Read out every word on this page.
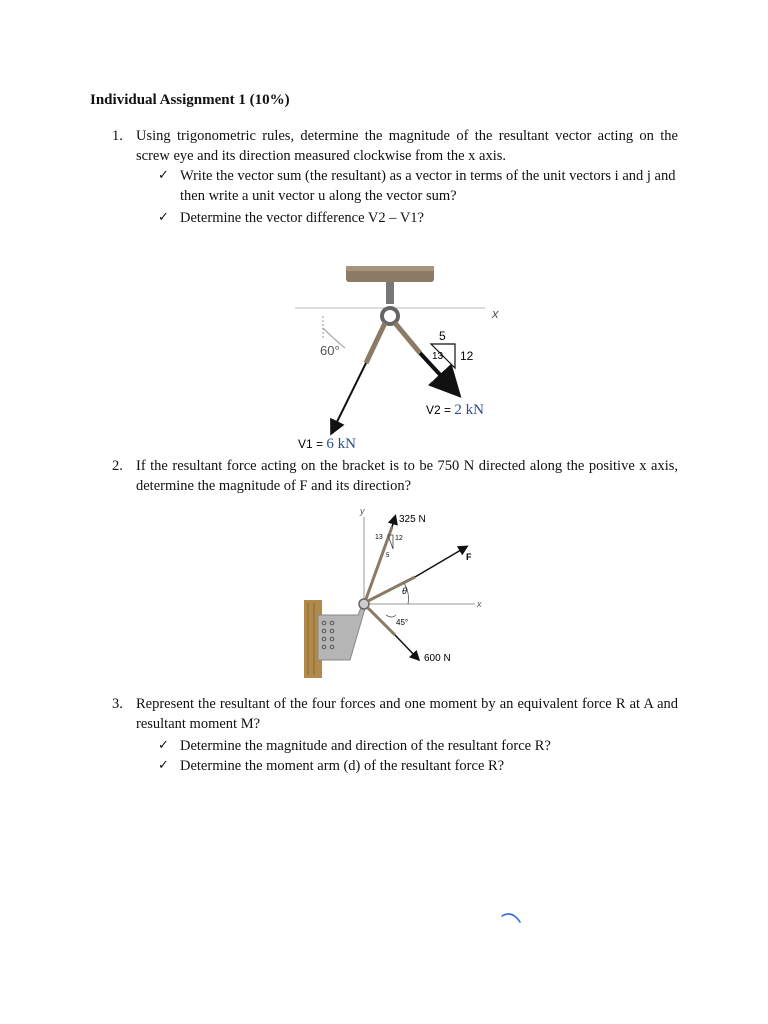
Individual Assignment 1 (10%)
1. Using trigonometric rules, determine the magnitude of the resultant vector acting on the screw eye and its direction measured clockwise from the x axis.
✓ Write the vector sum (the resultant) as a vector in terms of the unit vectors i and j and then write a unit vector u along the vector sum?
✓ Determine the vector difference V2 – V1?
x
60°
5
13 12
V2 = 2 kN
V1 = 6 kN
2. If the resultant force acting on the bracket is to be 750 N directed along the positive x axis, determine the magnitude of F and its direction?
y
x
325 N
13 12
5	F
θ
45°
600 N
3. Represent the resultant of the four forces and one moment by an equivalent force R at A and resultant moment M?
✓ Determine the magnitude and direction of the resultant force R?
✓ Determine the moment arm (d) of the resultant force R?
